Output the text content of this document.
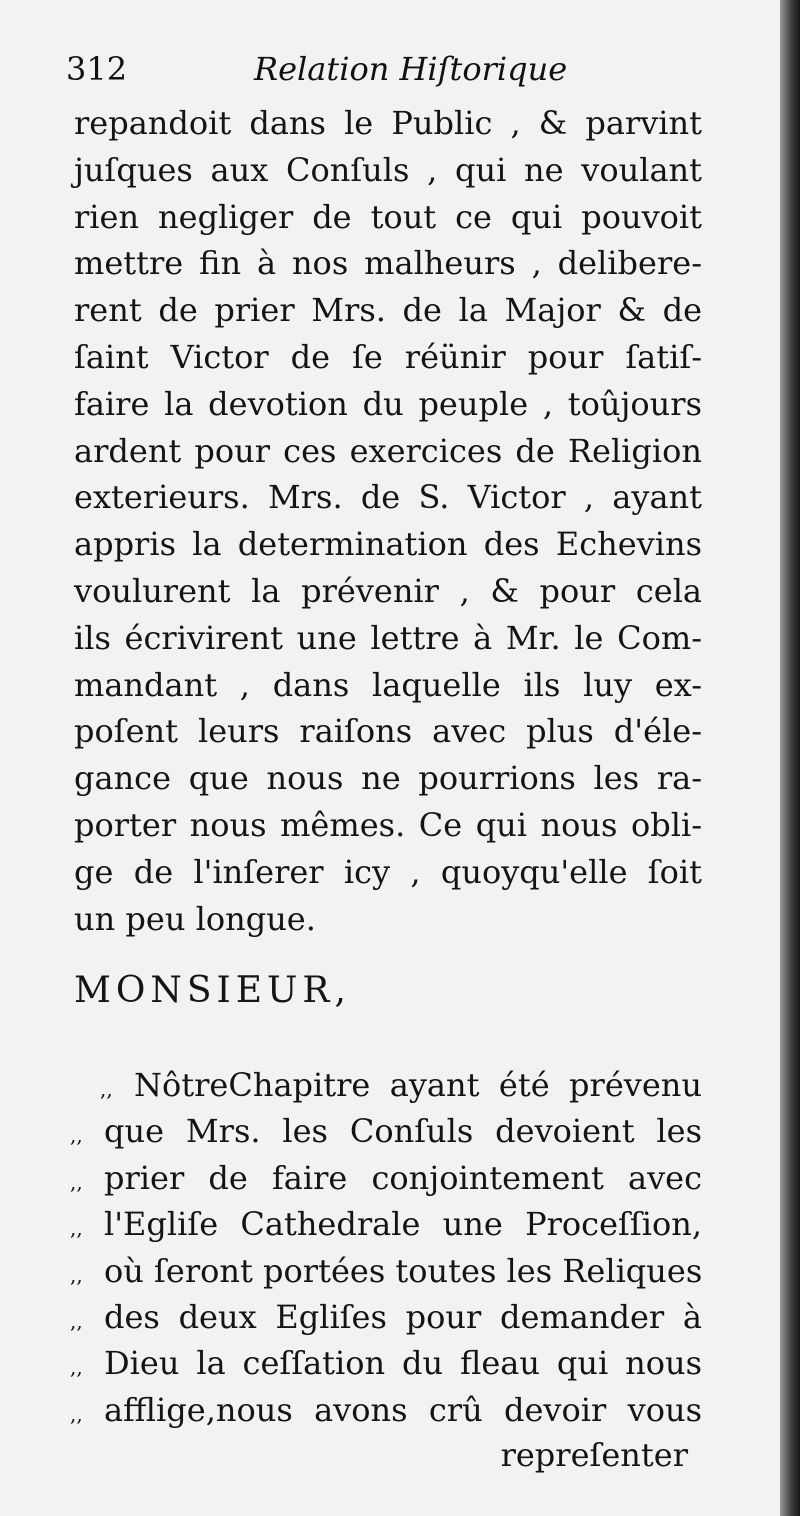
312	Relation Hiſtorique
repandoit dans le Public , & parvint
juſques aux Conſuls , qui ne voulant
rien negliger de tout ce qui pouvoit
mettre fin à nos malheurs , delibere-
rent de prier Mrs. de la Major & de
ſaint Victor de ſe réünir pour ſatiſ-
faire la devotion du peuple , toûjours
ardent pour ces exercices de Religion
exterieurs. Mrs. de S. Victor , ayant
appris la determination des Echevins
voulurent la prévenir , & pour cela
ils écrivirent une lettre à Mr. le Com-
mandant , dans laquelle ils luy ex-
poſent leurs raiſons avec plus d'éle-
gance que nous ne pourrions les ra-
porter nous mêmes. Ce qui nous obli-
ge de l'inſerer icy , quoyqu'elle ſoit
un peu longue.
MONSIEUR,
,, NôtreChapitre ayant été prévenu
,, que Mrs. les Conſuls devoient les
,, prier de faire conjointement avec
,, l'Egliſe Cathedrale une Proceſſion,
,, où ſeront portées toutes les Reliques
,, des deux Egliſes pour demander à
,, Dieu la ceſſation du fleau qui nous
,, afflige,nous avons crû devoir vous
repreſenter
